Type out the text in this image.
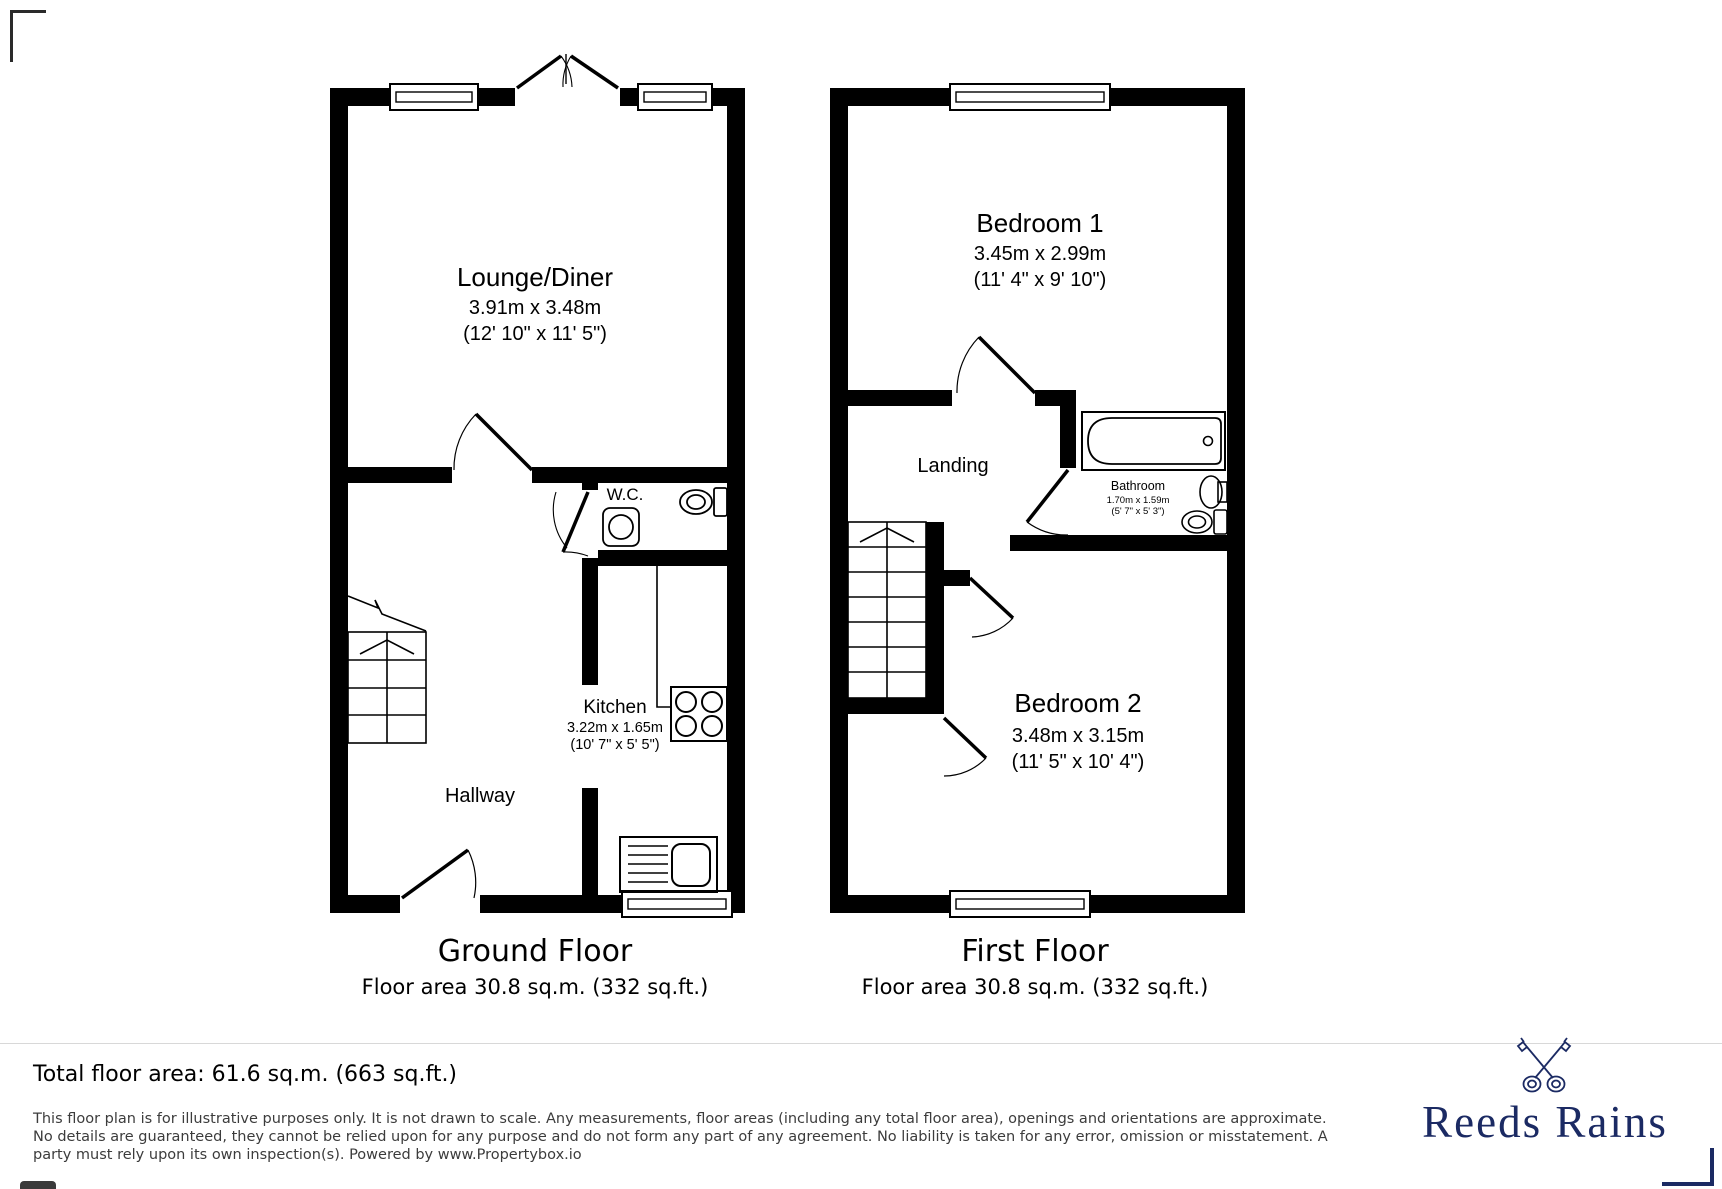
Lounge/Diner
3.91m x 3.48m
(12' 10" x 11' 5")
W.C.
Kitchen
3.22m x 1.65m
(10' 7" x 5' 5")
Hallway
Bedroom 1
3.45m x 2.99m
(11' 4" x 9' 10")
Landing
Bathroom
1.70m x 1.59m
(5' 7" x 5' 3")
Bedroom 2
3.48m x 3.15m
(11' 5" x 10' 4")
Ground Floor
Floor area 30.8 sq.m. (332 sq.ft.)
First Floor
Floor area 30.8 sq.m. (332 sq.ft.)
Total floor area: 61.6 sq.m. (663 sq.ft.)
This floor plan is for illustrative purposes only. It is not drawn to scale. Any measurements, floor areas (including any total floor area), openings and orientations are approximate. No details are guaranteed, they cannot be relied upon for any purpose and do not form any part of any agreement. No liability is taken for any error, omission or misstatement. A party must rely upon its own inspection(s). Powered by www.Propertybox.io
Reeds Rains
